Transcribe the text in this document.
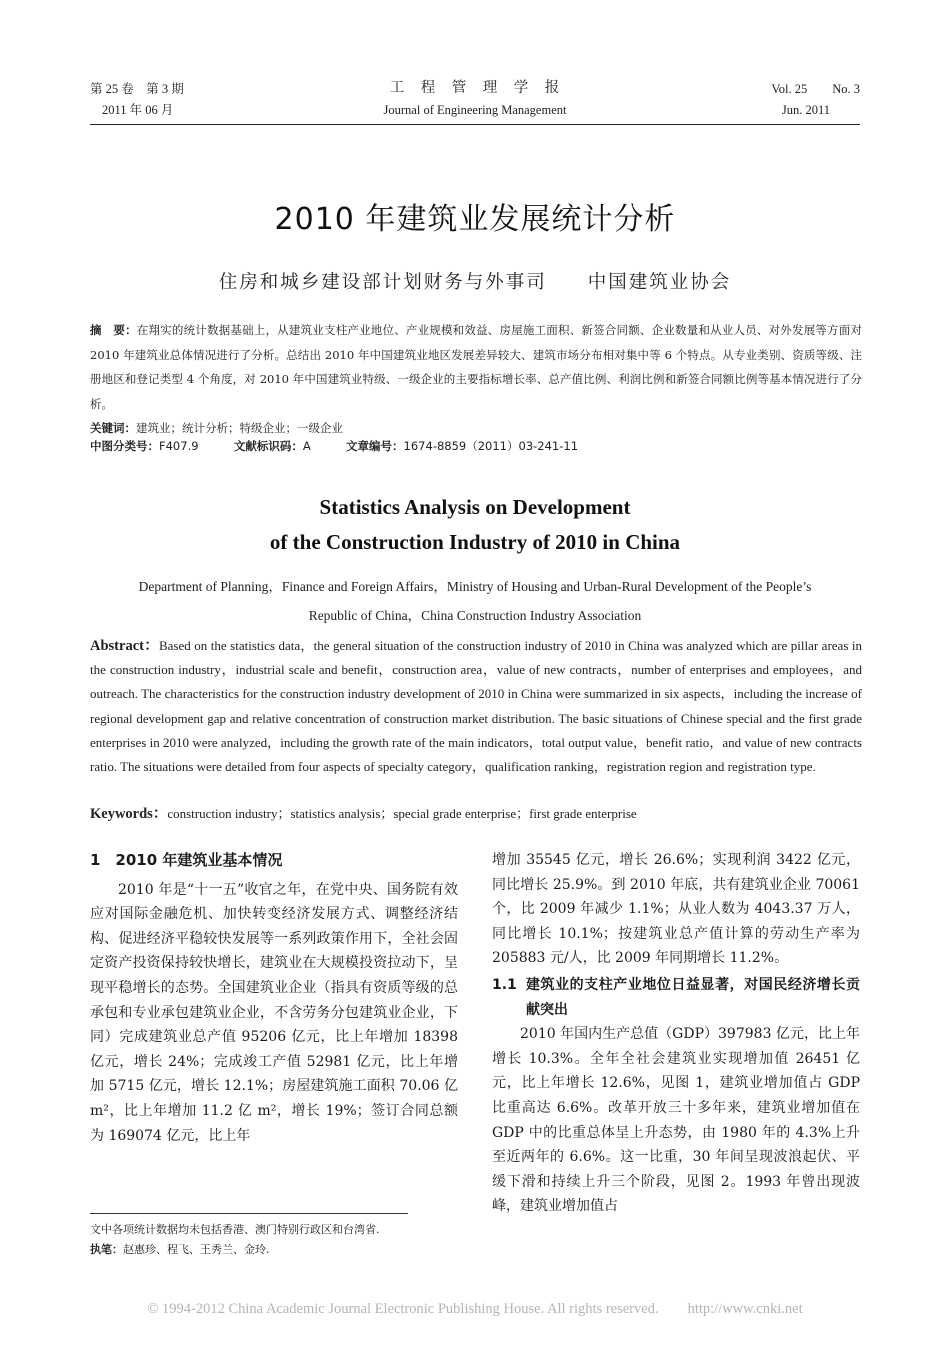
第 25 卷　第 3 期
2011 年 06 月
工　程　管　理　学　报
Journal of Engineering Management
Vol. 25　　No. 3
Jun. 2011
2010 年建筑业发展统计分析
住房和城乡建设部计划财务与外事司　　中国建筑业协会
摘　要：在翔实的统计数据基础上，从建筑业支柱产业地位、产业规模和效益、房屋施工面积、新签合同额、企业数量和从业人员、对外发展等方面对 2010 年建筑业总体情况进行了分析。总结出 2010 年中国建筑业地区发展差异较大、建筑市场分布相对集中等 6 个特点。从专业类别、资质等级、注册地区和登记类型 4 个角度，对 2010 年中国建筑业特级、一级企业的主要指标增长率、总产值比例、利润比例和新签合同额比例等基本情况进行了分析。
关键词：建筑业；统计分析；特级企业；一级企业
中图分类号：F407.9	文献标识码：A	文章编号：1674-8859（2011）03-241-11
Statistics Analysis on Development
of the Construction Industry of 2010 in China
Department of Planning，Finance and Foreign Affairs，Ministry of Housing and Urban-Rural Development of the People’s
Republic of China，China Construction Industry Association
Abstract：Based on the statistics data，the general situation of the construction industry of 2010 in China was analyzed which are pillar areas in the construction industry，industrial scale and benefit，construction area，value of new contracts，number of enterprises and employees，and outreach. The characteristics for the construction industry development of 2010 in China were summarized in six aspects，including the increase of regional development gap and relative concentration of construction market distribution. The basic situations of Chinese special and the first grade enterprises in 2010 were analyzed，including the growth rate of the main indicators，total output value，benefit ratio，and value of new contracts ratio. The situations were detailed from four aspects of specialty category，qualification ranking，registration region and registration type.
Keywords：construction industry；statistics analysis；special grade enterprise；first grade enterprise
1　2010 年建筑业基本情况

2010 年是“十一五”收官之年，在党中央、国务院有效应对国际金融危机、加快转变经济发展方式、调整经济结构、促进经济平稳较快发展等一系列政策作用下，全社会固定资产投资保持较快增长，建筑业在大规模投资拉动下，呈现平稳增长的态势。全国建筑业企业（指具有资质等级的总承包和专业承包建筑业企业，不含劳务分包建筑业企业，下同）完成建筑业总产值 95206 亿元，比上年增加 18398 亿元，增长 24%；完成竣工产值 52981 亿元，比上年增加 5715 亿元，增长 12.1%；房屋建筑施工面积 70.06 亿 m²，比上年增加 11.2 亿 m²，增长 19%；签订合同总额为 169074 亿元，比上年

增加 35545 亿元，增长 26.6%；实现利润 3422 亿元，同比增长 25.9%。到 2010 年底，共有建筑业企业 70061 个，比 2009 年减少 1.1%；从业人数为 4043.37 万人，同比增长 10.1%；按建筑业总产值计算的劳动生产率为 205883 元/人，比 2009 年同期增长 11.2%。

1.1 建筑业的支柱产业地位日益显著，对国民经济增长贡献突出

2010 年国内生产总值（GDP）397983 亿元，比上年增长 10.3%。全年全社会建筑业实现增加值 26451 亿元，比上年增长 12.6%，见图 1，建筑业增加值占 GDP 比重高达 6.6%。改革开放三十多年来，建筑业增加值在 GDP 中的比重总体呈上升态势，由 1980 年的 4.3%上升至近两年的 6.6%。这一比重，30 年间呈现波浪起伏、平缓下滑和持续上升三个阶段，见图 2。1993 年曾出现波峰，建筑业增加值占

文中各项统计数据均未包括香港、澳门特别行政区和台湾省.
执笔：赵惠珍、程飞、王秀兰、金玲.
© 1994-2012 China Academic Journal Electronic Publishing House. All rights reserved.　　http://www.cnki.net
